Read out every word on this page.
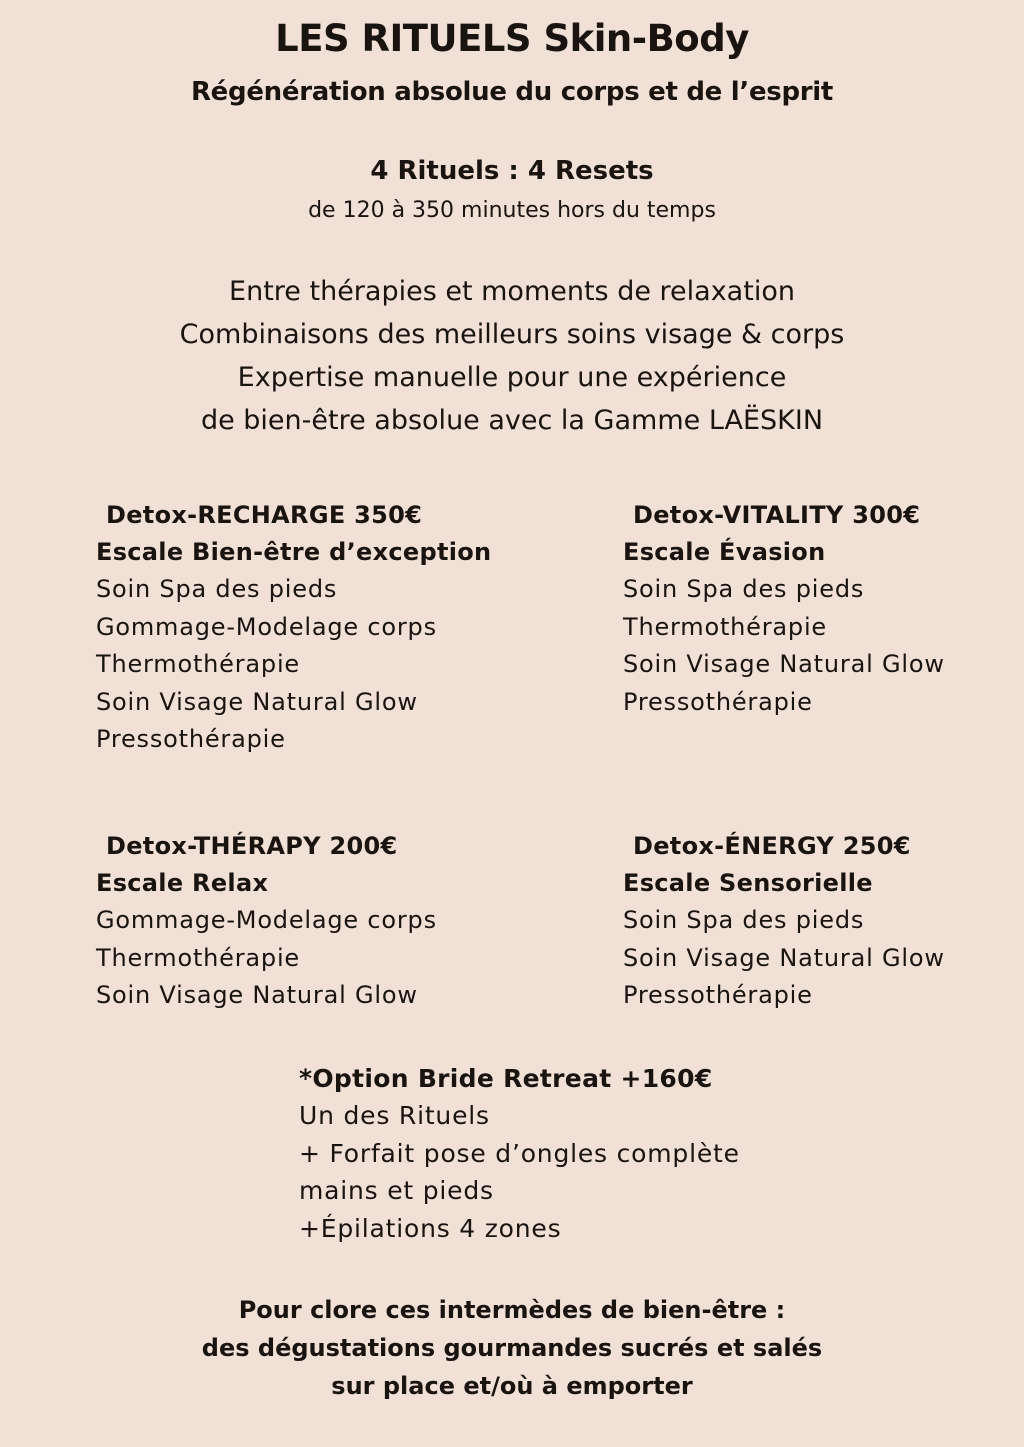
LES RITUELS Skin-Body
Régénération absolue du corps et de l’esprit
4 Rituels : 4 Resets
de 120 à 350 minutes hors du temps
Entre thérapies et moments de relaxation
Combinaisons des meilleurs soins visage & corps
Expertise manuelle pour une expérience
de bien-être absolue avec la Gamme LAËSKIN
Detox-RECHARGE 350€
Escale Bien-être d’exception
Soin Spa des pieds
Gommage-Modelage corps
Thermothérapie
Soin Visage Natural Glow
Pressothérapie
Detox-VITALITY 300€
Escale Évasion
Soin Spa des pieds
Thermothérapie
Soin Visage Natural Glow
Pressothérapie
Detox-THÉRAPY 200€
Escale Relax
Gommage-Modelage corps
Thermothérapie
Soin Visage Natural Glow
Detox-ÉNERGY 250€
Escale Sensorielle
Soin Spa des pieds
Soin Visage Natural Glow
Pressothérapie
*Option Bride Retreat +160€
Un des Rituels
+ Forfait pose d’ongles complète
mains et pieds
+Épilations 4 zones
Pour clore ces intermèdes de bien-être :
des dégustations gourmandes sucrés et salés
sur place et/où à emporter
